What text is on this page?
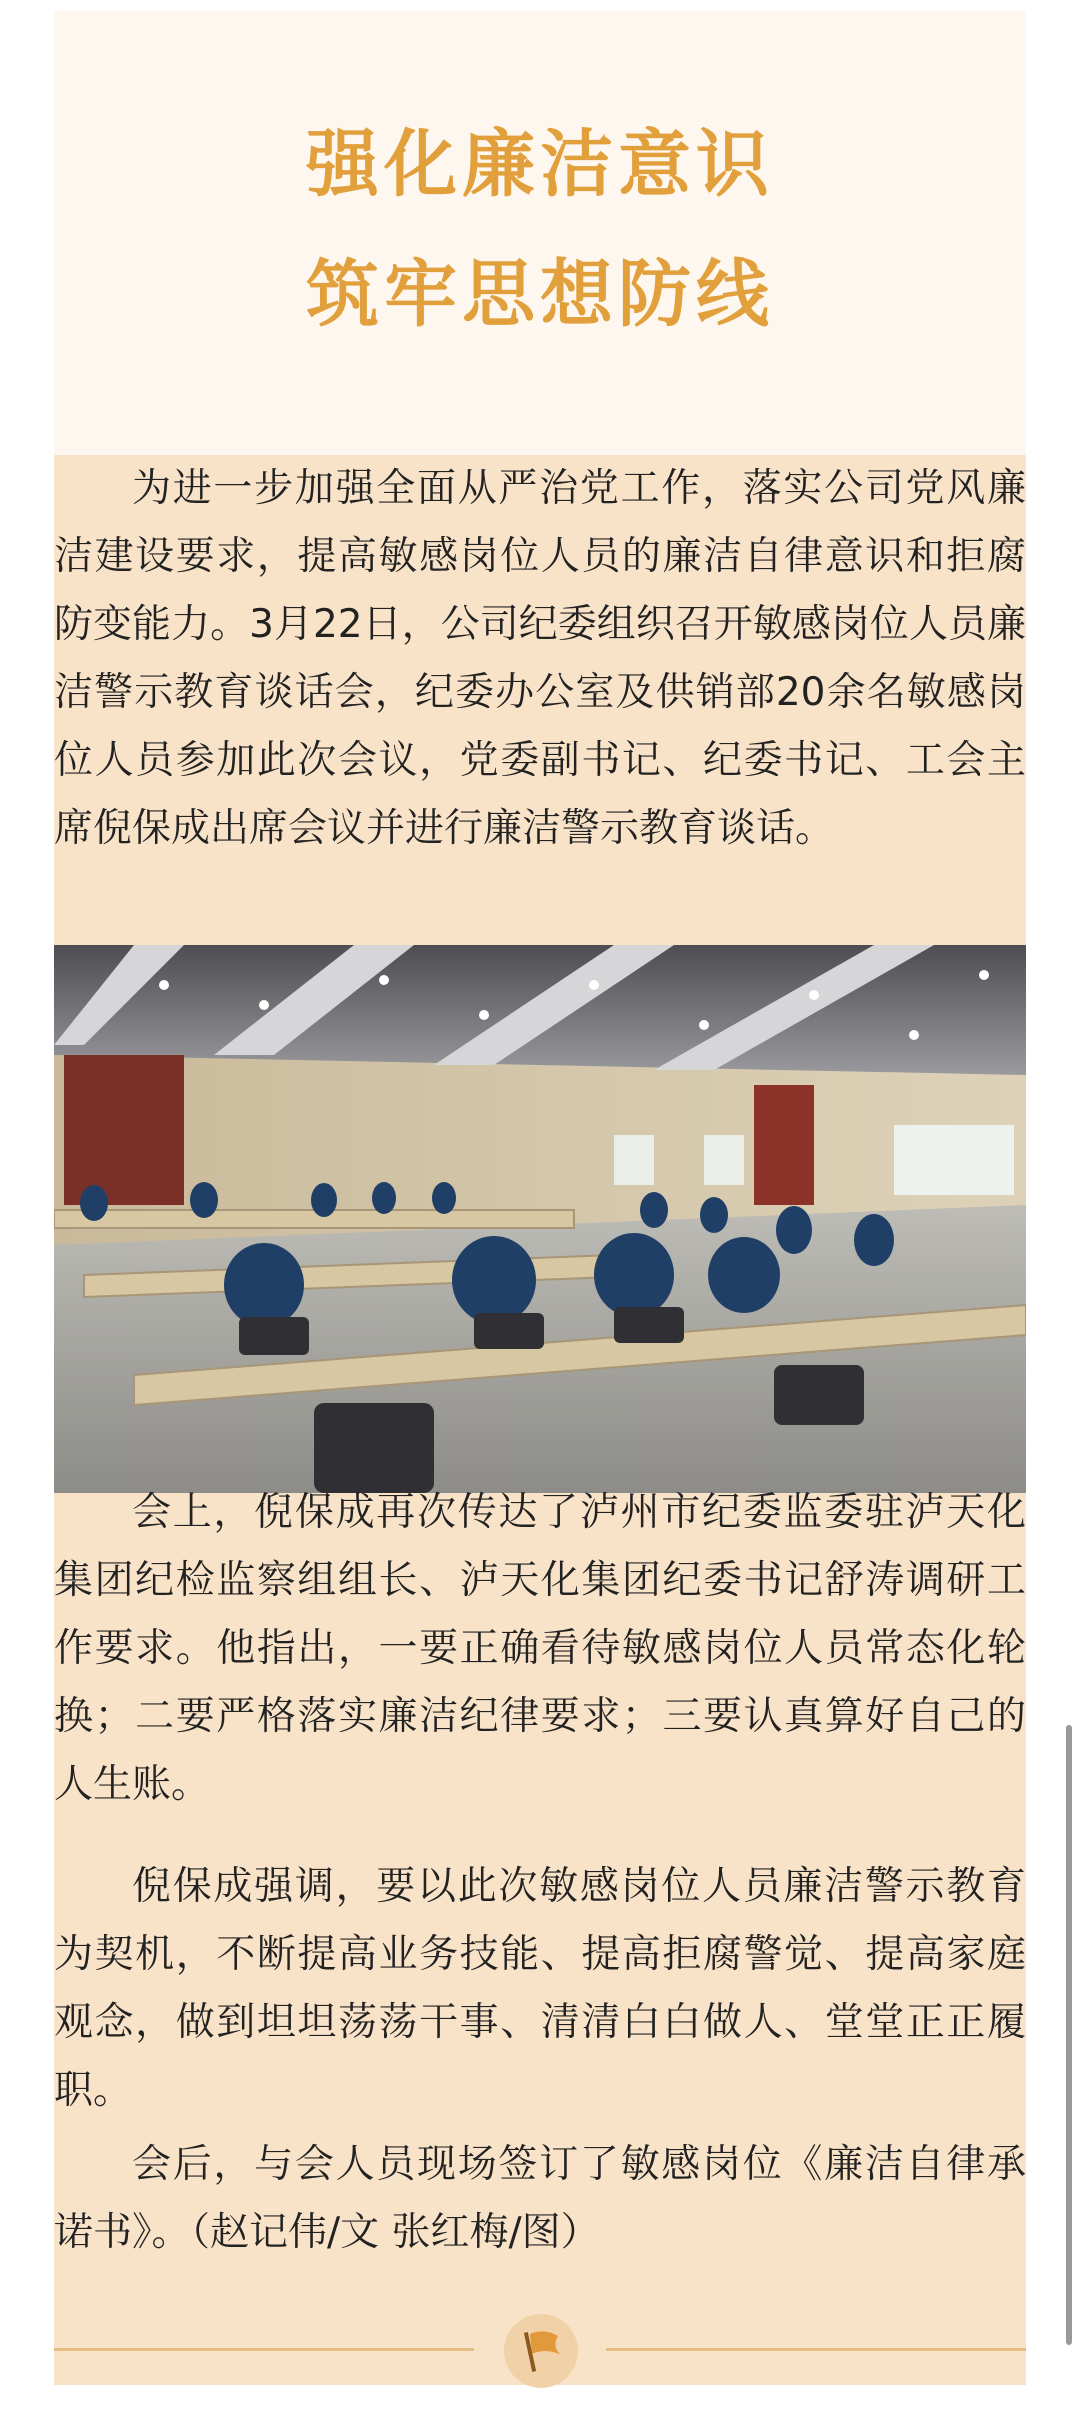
强化廉洁意识
筑牢思想防线

为进一步加强全面从严治党工作，落实公司党风廉洁建设要求，提高敏感岗位人员的廉洁自律意识和拒腐防变能力。3月22日，公司纪委组织召开敏感岗位人员廉洁警示教育谈话会，纪委办公室及供销部20余名敏感岗位人员参加此次会议，党委副书记、纪委书记、工会主席倪保成出席会议并进行廉洁警示教育谈话。

会上，倪保成再次传达了泸州市纪委监委驻泸天化集团纪检监察组组长、泸天化集团纪委书记舒涛调研工作要求。他指出，一要正确看待敏感岗位人员常态化轮换；二要严格落实廉洁纪律要求；三要认真算好自己的人生账。

倪保成强调，要以此次敏感岗位人员廉洁警示教育为契机，不断提高业务技能、提高拒腐警觉、提高家庭观念，做到坦坦荡荡干事、清清白白做人、堂堂正正履职。

会后，与会人员现场签订了敏感岗位《廉洁自律承诺书》。（赵记伟/文 张红梅/图）
